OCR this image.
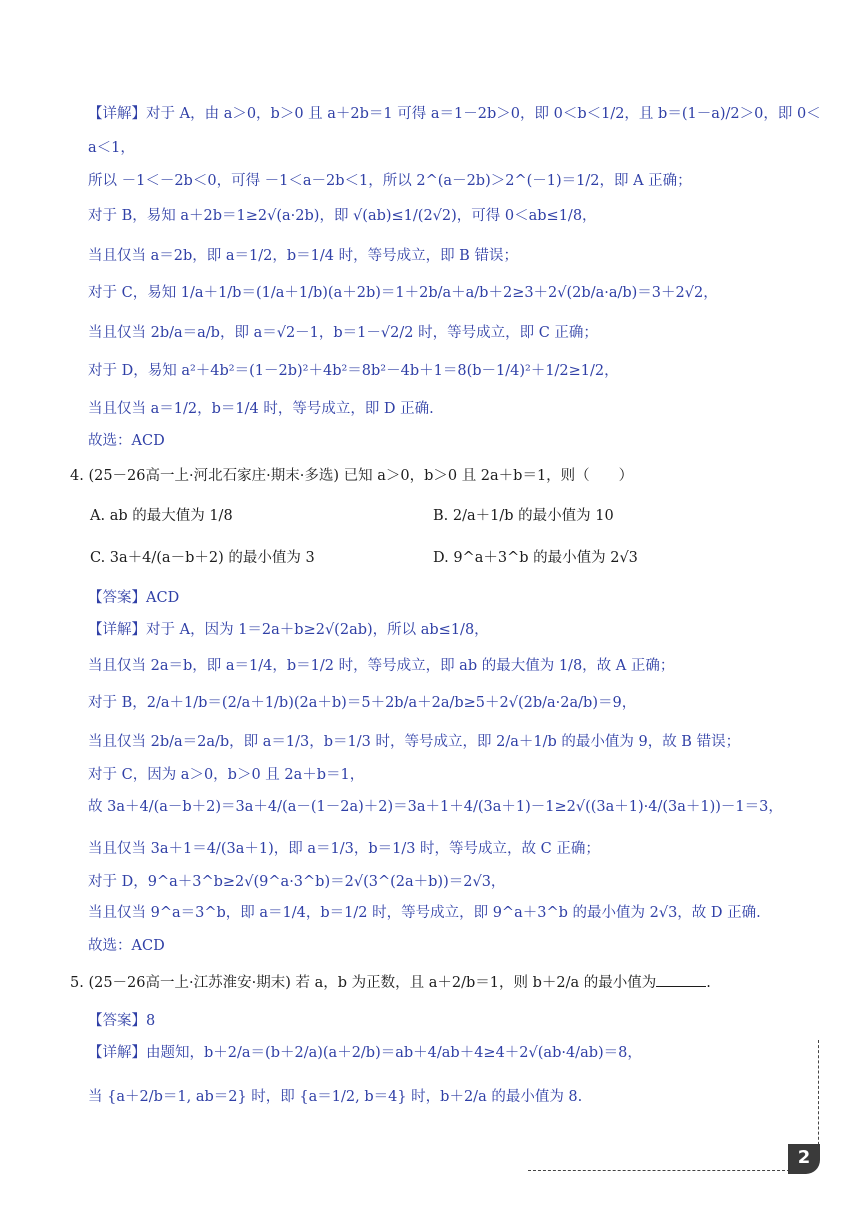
【详解】对于 A，由 a＞0，b＞0 且 a＋2b＝1 可得 a＝1－2b＞0，即 0＜b＜1/2，且 b＝(1－a)/2＞0，即 0＜
a＜1，
所以 －1＜－2b＜0，可得 －1＜a－2b＜1，所以 2^(a－2b)＞2^(－1)＝1/2，即 A 正确；
对于 B，易知 a＋2b＝1≥2√(a·2b)，即 √(ab)≤1/(2√2)，可得 0＜ab≤1/8，
当且仅当 a＝2b，即 a＝1/2，b＝1/4 时，等号成立，即 B 错误；
对于 C，易知 1/a＋1/b＝(1/a＋1/b)(a＋2b)＝1＋2b/a＋a/b＋2≥3＋2√(2b/a·a/b)＝3＋2√2，
当且仅当 2b/a＝a/b，即 a＝√2－1，b＝1－√2/2 时，等号成立，即 C 正确；
对于 D，易知 a²＋4b²＝(1－2b)²＋4b²＝8b²－4b＋1＝8(b－1/4)²＋1/2≥1/2，
当且仅当 a＝1/2，b＝1/4 时，等号成立，即 D 正确.
故选：ACD
4. (25－26高一上·河北石家庄·期末·多选) 已知 a＞0，b＞0 且 2a＋b＝1，则（　　）
A. ab 的最大值为 1/8	B. 2/a＋1/b 的最小值为 10
C. 3a＋4/(a－b＋2) 的最小值为 3	D. 9^a＋3^b 的最小值为 2√3
【答案】ACD
【详解】对于 A，因为 1＝2a＋b≥2√(2ab)，所以 ab≤1/8，
当且仅当 2a＝b，即 a＝1/4，b＝1/2 时，等号成立，即 ab 的最大值为 1/8，故 A 正确；
对于 B，2/a＋1/b＝(2/a＋1/b)(2a＋b)＝5＋2b/a＋2a/b≥5＋2√(2b/a·2a/b)＝9，
当且仅当 2b/a＝2a/b，即 a＝1/3，b＝1/3 时，等号成立，即 2/a＋1/b 的最小值为 9，故 B 错误；
对于 C，因为 a＞0，b＞0 且 2a＋b＝1，
故 3a＋4/(a－b＋2)＝3a＋4/(a－(1－2a)＋2)＝3a＋1＋4/(3a＋1)－1≥2√((3a＋1)·4/(3a＋1))－1＝3，
当且仅当 3a＋1＝4/(3a＋1)，即 a＝1/3，b＝1/3 时，等号成立，故 C 正确；
对于 D，9^a＋3^b≥2√(9^a·3^b)＝2√(3^(2a＋b))＝2√3，
当且仅当 9^a＝3^b，即 a＝1/4，b＝1/2 时，等号成立，即 9^a＋3^b 的最小值为 2√3，故 D 正确.
故选：ACD
5. (25－26高一上·江苏淮安·期末) 若 a，b 为正数，且 a＋2/b＝1，则 b＋2/a 的最小值为	.
【答案】8
【详解】由题知，b＋2/a＝(b＋2/a)(a＋2/b)＝ab＋4/ab＋4≥4＋2√(ab·4/ab)＝8，
当 {a＋2/b＝1, ab＝2} 时，即 {a＝1/2, b＝4} 时，b＋2/a 的最小值为 8.
2
